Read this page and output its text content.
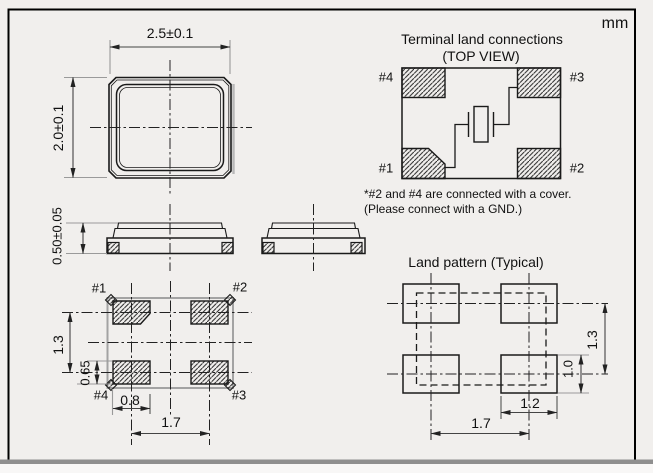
mm
2.5±0.1
2.0±0.1
0.50±0.05
#1	#2
#4	#3
1.3
0.65
0.8
1.7
Terminal land connections
(TOP VIEW)
#4	#3
#1	#2
*#2 and #4 are connected with a cover.
(Please connect with a GND.)
Land pattern (Typical)
1.3
1.0
1.2
1.7
